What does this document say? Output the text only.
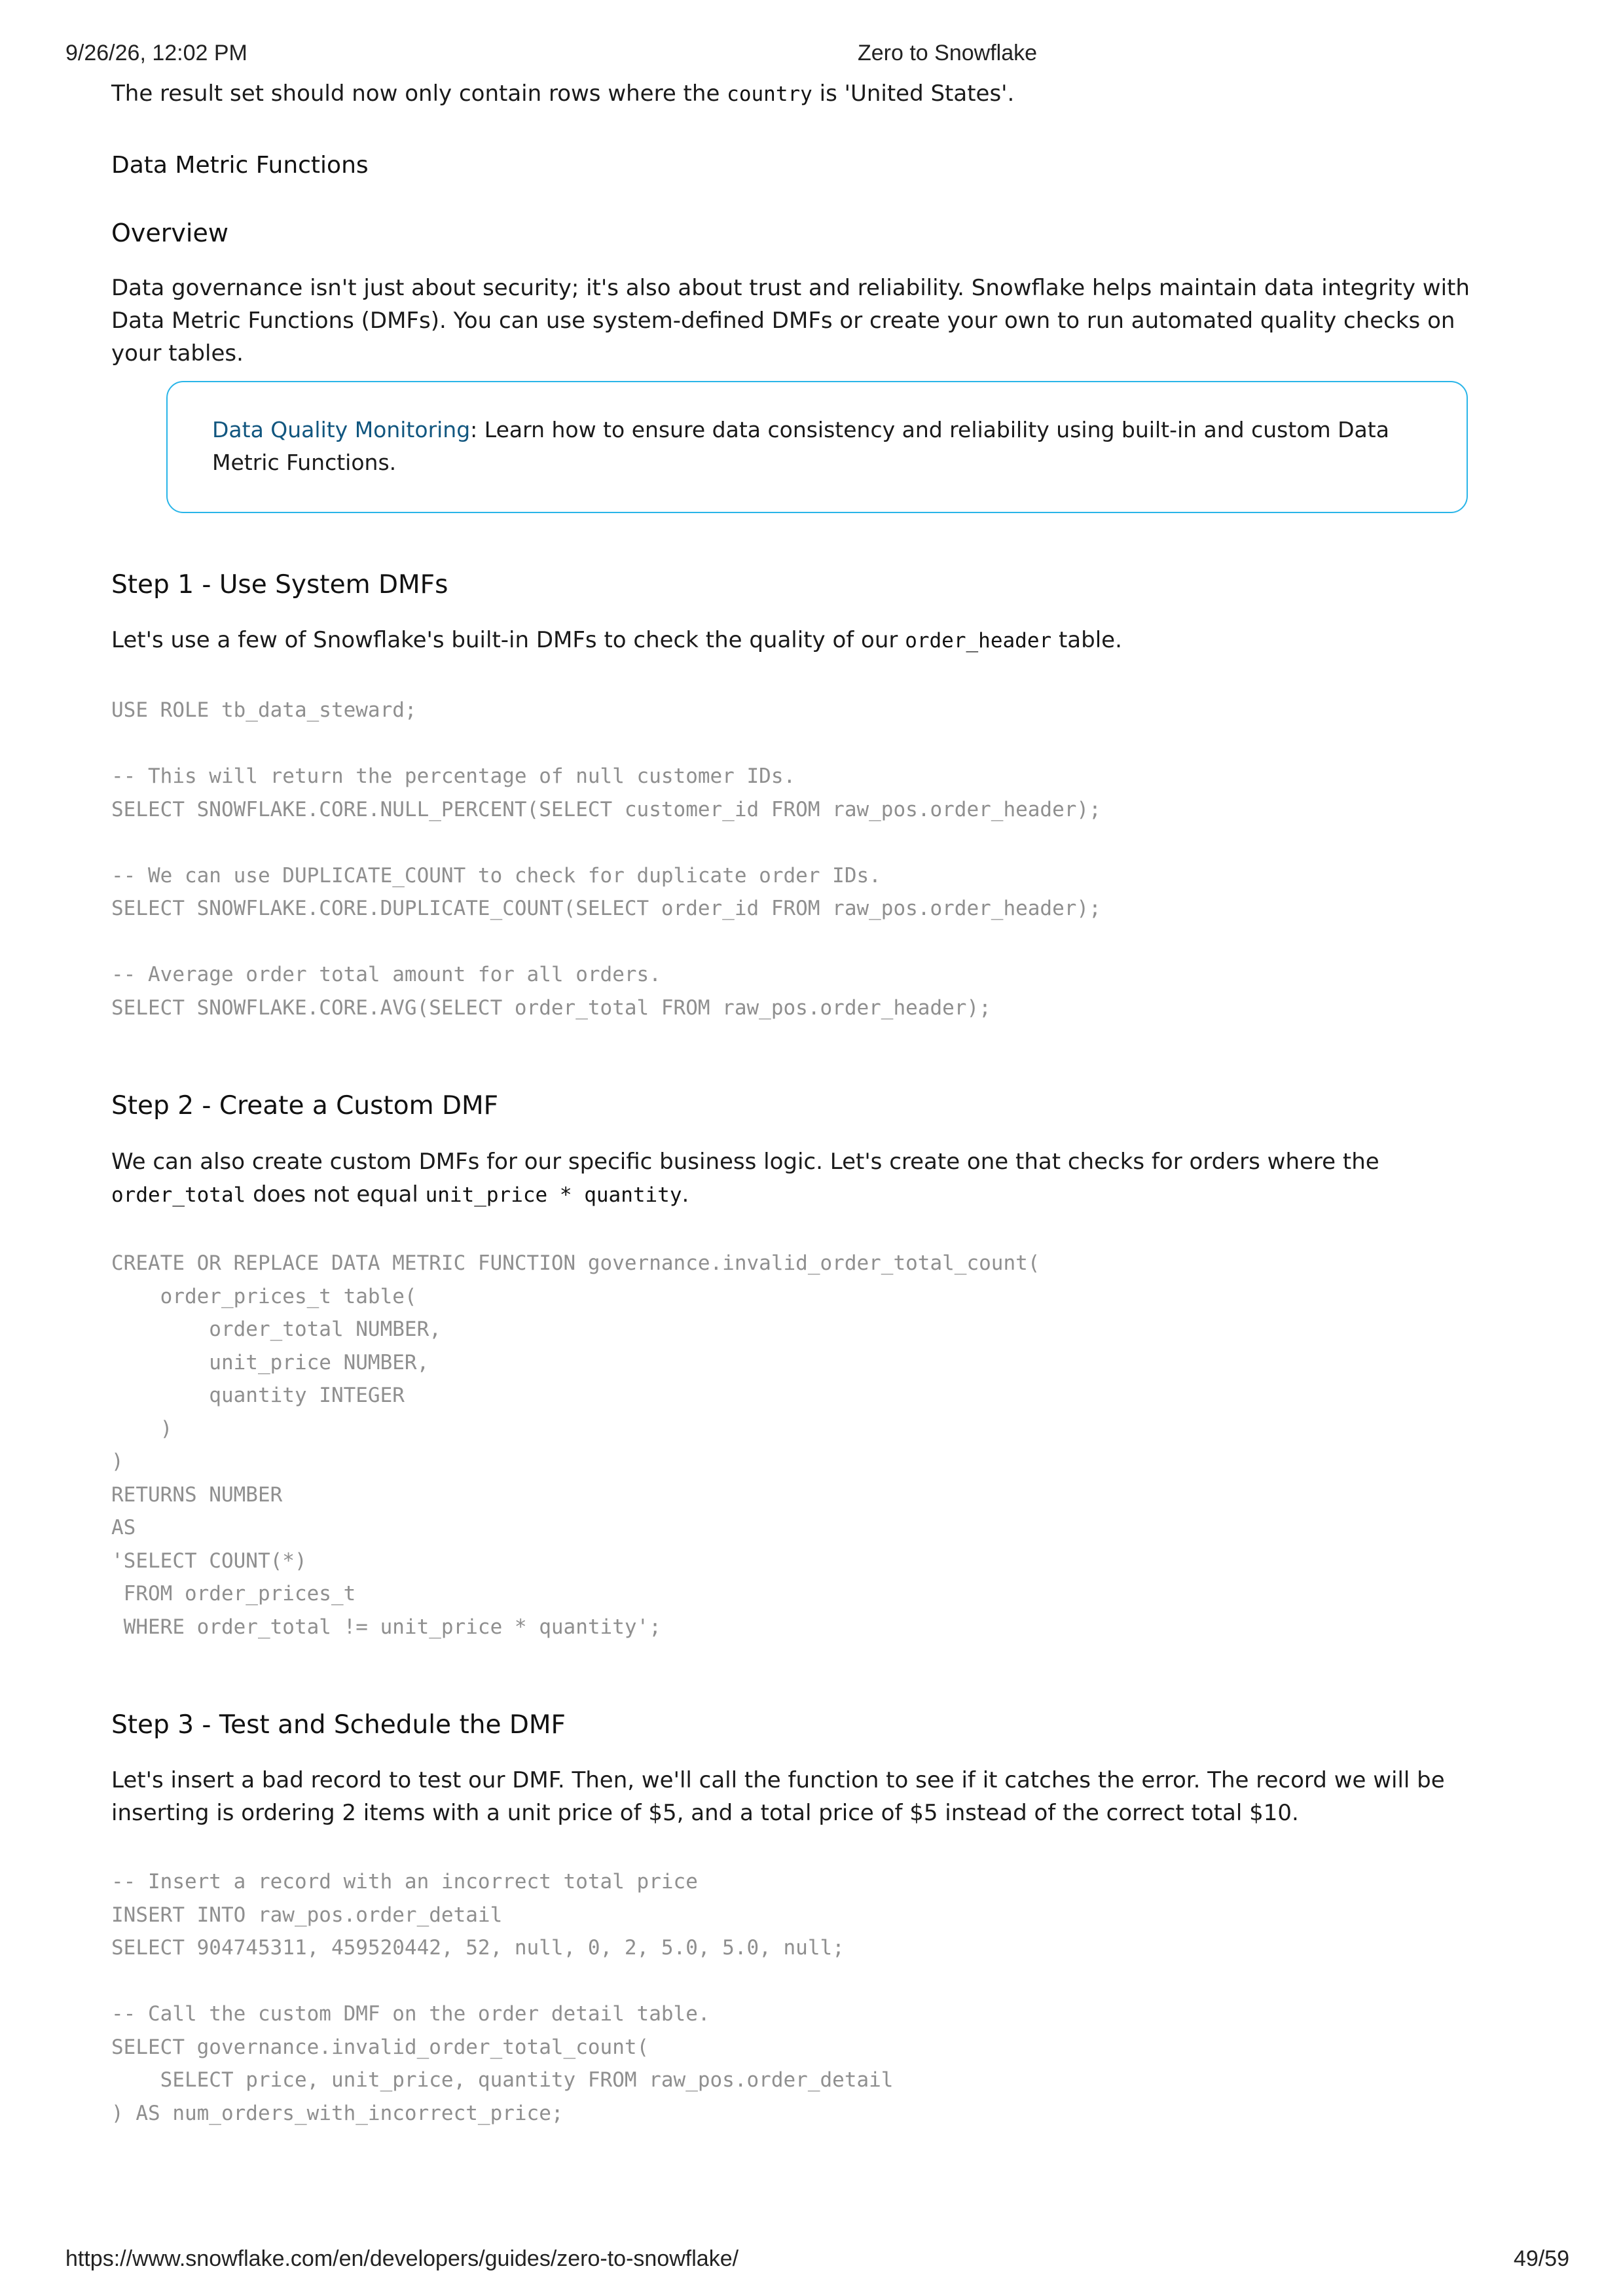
9/26/26, 12:02 PM	Zero to Snowflake

The result set should now only contain rows where the country is 'United States'.

Data Metric Functions
Overview

Data governance isn't just about security; it's also about trust and reliability. Snowflake helps maintain data integrity with Data Metric Functions (DMFs). You can use system-defined DMFs or create your own to run automated quality checks on your tables.

Data Quality Monitoring: Learn how to ensure data consistency and reliability using built-in and custom Data Metric Functions.

Step 1 - Use System DMFs

Let's use a few of Snowflake's built-in DMFs to check the quality of our order_header table.

USE ROLE tb_data_steward;

-- This will return the percentage of null customer IDs.
SELECT SNOWFLAKE.CORE.NULL_PERCENT(SELECT customer_id FROM raw_pos.order_header);

-- We can use DUPLICATE_COUNT to check for duplicate order IDs.
SELECT SNOWFLAKE.CORE.DUPLICATE_COUNT(SELECT order_id FROM raw_pos.order_header);

-- Average order total amount for all orders.
SELECT SNOWFLAKE.CORE.AVG(SELECT order_total FROM raw_pos.order_header);
Step 2 - Create a Custom DMF

We can also create custom DMFs for our specific business logic. Let's create one that checks for orders where the order_total does not equal unit_price * quantity.

CREATE OR REPLACE DATA METRIC FUNCTION governance.invalid_order_total_count(
order_prices_t table(
order_total NUMBER,
unit_price NUMBER,
quantity INTEGER
)
)
RETURNS NUMBER
AS
'SELECT COUNT(*)
FROM order_prices_t
WHERE order_total != unit_price * quantity';
Step 3 - Test and Schedule the DMF

Let's insert a bad record to test our DMF. Then, we'll call the function to see if it catches the error. The record we will be inserting is ordering 2 items with a unit price of $5, and a total price of $5 instead of the correct total $10.

-- Insert a record with an incorrect total price
INSERT INTO raw_pos.order_detail
SELECT 904745311, 459520442, 52, null, 0, 2, 5.0, 5.0, null;

-- Call the custom DMF on the order detail table.
SELECT governance.invalid_order_total_count(
SELECT price, unit_price, quantity FROM raw_pos.order_detail
) AS num_orders_with_incorrect_price;
https://www.snowflake.com/en/developers/guides/zero-to-snowflake/	49/59
